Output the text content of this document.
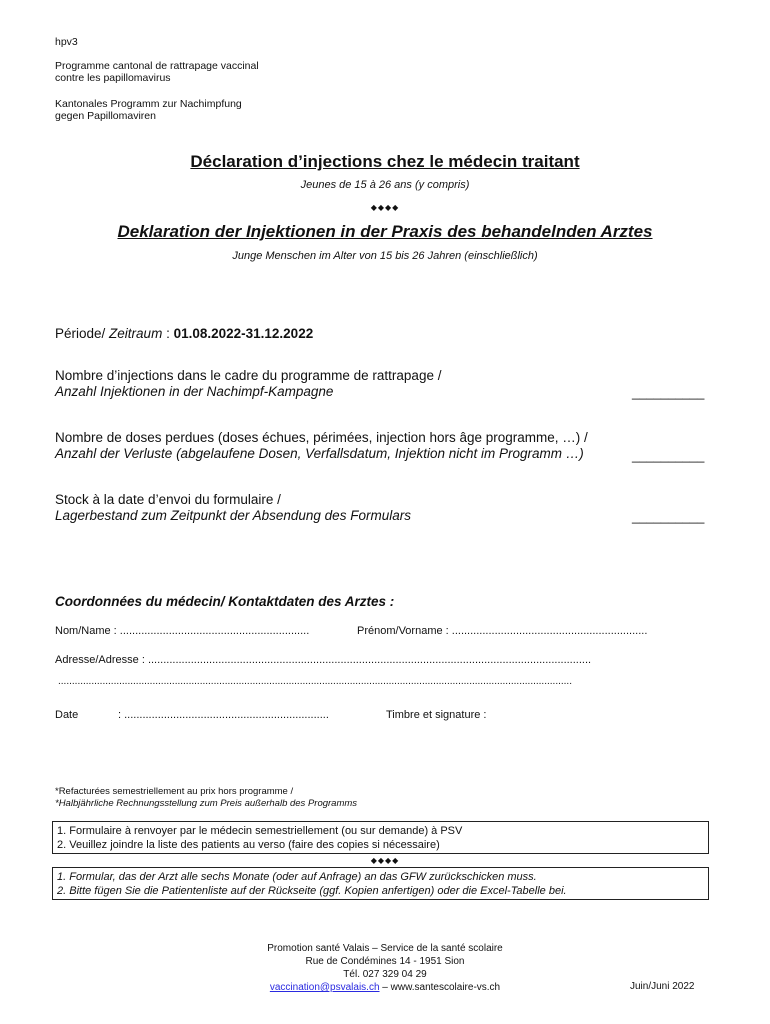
hpv3
Programme cantonal de rattrapage vaccinal
contre les papillomavirus
Kantonales Programm zur Nachimpfung
gegen Papillomaviren
Déclaration d’injections chez le médecin traitant
Jeunes de 15 à 26 ans (y compris)
◆◆◆◆
Deklaration der Injektionen in der Praxis des behandelnden Arztes
Junge Menschen im Alter von 15 bis 26 Jahren (einschließlich)
Période/ Zeitraum : 01.08.2022-31.12.2022
Nombre d’injections dans le cadre du programme de rattrapage /
Anzahl Injektionen in der Nachimpf-Kampagne	__________
Nombre de doses perdues (doses échues, périmées, injection hors âge programme, …) /
Anzahl der Verluste (abgelaufene Dosen, Verfallsdatum, Injektion nicht im Programm …)	__________
Stock à la date d’envoi du formulaire /
Lagerbestand zum Zeitpunkt der Absendung des Formulars	__________
Coordonnées du médecin/ Kontaktdaten des Arztes :
Nom/Name : ..............................................................	Prénom/Vorname : ................................................................
Adresse/Adresse : .................................................................................................................................................
.........................................................................................................................................................................................
Date	: ...................................................................	Timbre et signature :
*Refacturées semestriellement au prix hors programme /
*Halbjährliche Rechnungsstellung zum Preis außerhalb des Programms
1. Formulaire à renvoyer par le médecin semestriellement (ou sur demande) à PSV
2. Veuillez joindre la liste des patients au verso (faire des copies si nécessaire)
◆◆◆◆
1. Formular, das der Arzt alle sechs Monate (oder auf Anfrage) an das GFW zurückschicken muss.
2. Bitte fügen Sie die Patientenliste auf der Rückseite (ggf. Kopien anfertigen) oder die Excel-Tabelle bei.
Promotion santé Valais – Service de la santé scolaire
Rue de Condémines 14 - 1951 Sion
Tél. 027 329 04 29
vaccination@psvalais.ch – www.santescolaire-vs.ch	Juin/Juni 2022
